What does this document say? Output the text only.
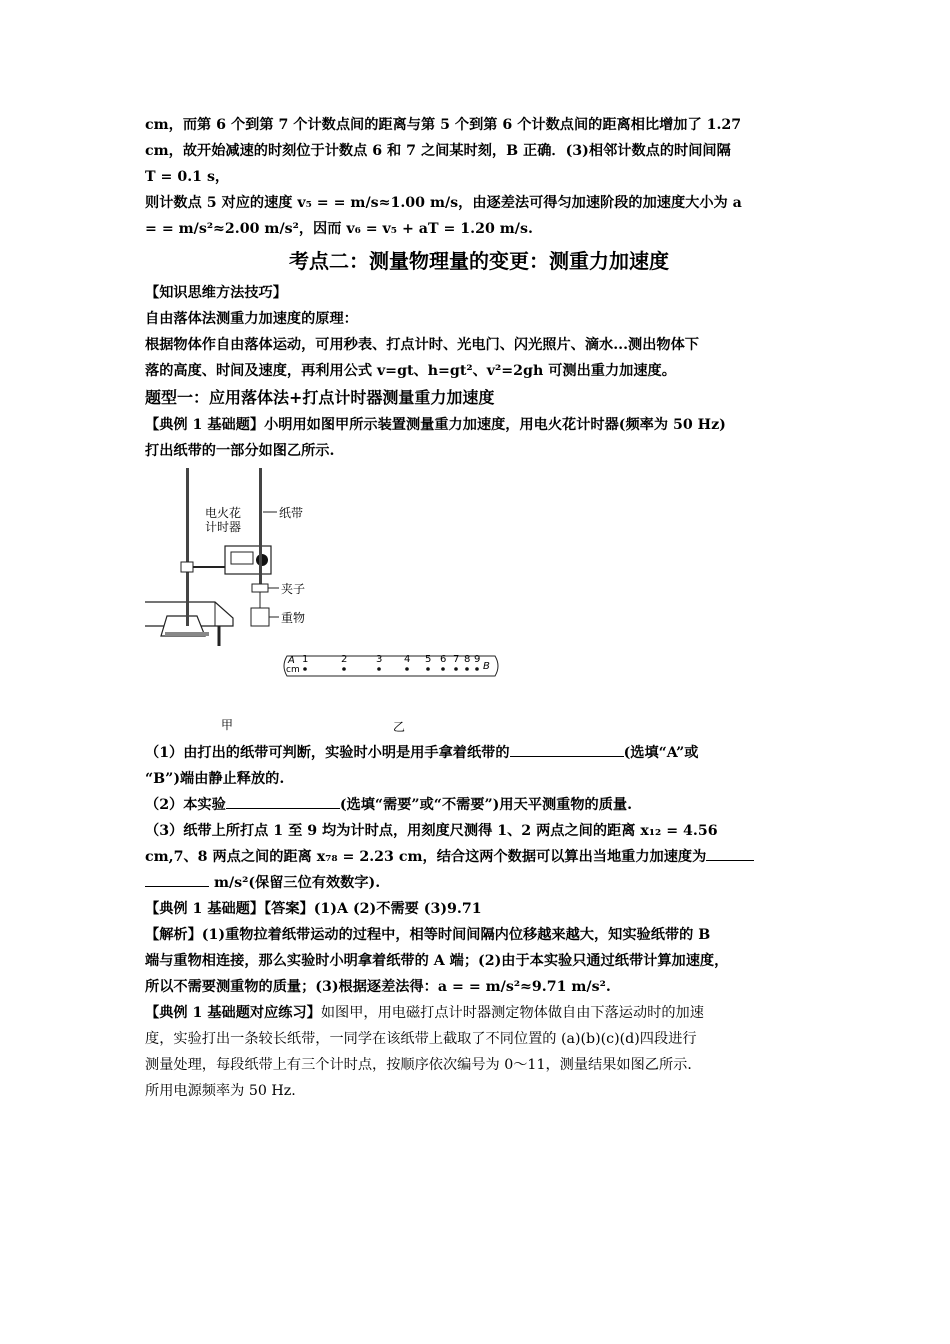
cm，而第 6 个到第 7 个计数点间的距离与第 5 个到第 6 个计数点间的距离相比增加了 1.27

cm，故开始减速的时刻位于计数点 6 和 7 之间某时刻，B 正确．(3)相邻计数点的时间间隔

T = 0.1 s，

则计数点 5 对应的速度 v₅ = = m/s≈1.00 m/s，由逐差法可得匀加速阶段的加速度大小为 a

= = m/s²≈2.00 m/s²，因而 v₆ = v₅ + aT = 1.20 m/s.

考点二：测量物理量的变更：测重力加速度

【知识思维方法技巧】

自由落体法测重力加速度的原理：

根据物体作自由落体运动，可用秒表、打点计时、光电门、闪光照片、滴水...测出物体下

落的高度、时间及速度，再利用公式 v=gt、h=gt²、v²=2gh 可测出重力加速度。

题型一：应用落体法+打点计时器测量重力加速度

【典例 1 基础题】小明用如图甲所示装置测量重力加速度，用电火花计时器(频率为 50 Hz)

打出纸带的一部分如图乙所示.

电火花
计时器
纸带
夹子
重物
A
cm	B
1	2	3 4 5 6 7 8 9
甲	乙

（1）由打出的纸带可判断，实验时小明是用手拿着纸带的	(选填“A”或

“B”)端由静止释放的.

（2）本实验	(选填“需要”或“不需要”)用天平测重物的质量.

（3）纸带上所打点 1 至 9 均为计时点，用刻度尺测得 1、2 两点之间的距离 x₁₂ = 4.56

cm,7、8 两点之间的距离 x₇₈ = 2.23 cm，结合这两个数据可以算出当地重力加速度为

m/s²(保留三位有效数字).

【典例 1 基础题】【答案】(1)A (2)不需要 (3)9.71

【解析】(1)重物拉着纸带运动的过程中，相等时间间隔内位移越来越大，知实验纸带的 B

端与重物相连接，那么实验时小明拿着纸带的 A 端；(2)由于本实验只通过纸带计算加速度，

所以不需要测重物的质量；(3)根据逐差法得：a = = m/s²≈9.71 m/s².

【典例 1 基础题对应练习】如图甲，用电磁打点计时器测定物体做自由下落运动时的加速

度，实验打出一条较长纸带，一同学在该纸带上截取了不同位置的 (a)(b)(c)(d)四段进行

测量处理，每段纸带上有三个计时点，按顺序依次编号为 0～11，测量结果如图乙所示．

所用电源频率为 50 Hz.
